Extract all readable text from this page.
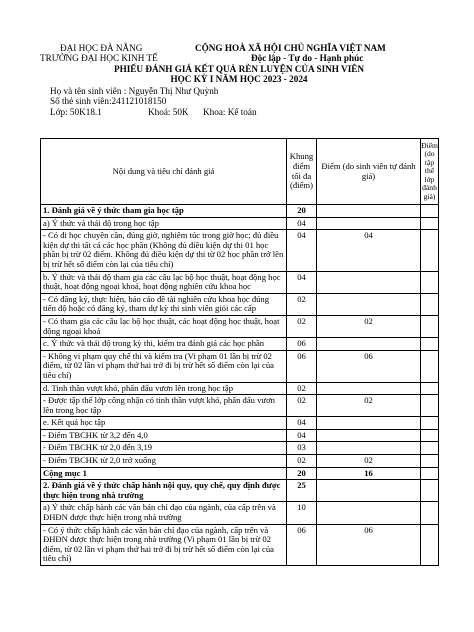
ĐẠI HỌC ĐÀ NẴNG
TRƯỜNG ĐẠI HỌC KINH TẾ
CỘNG HOÀ XÃ HỘI CHỦ NGHĨA VIỆT NAM
Độc lập - Tự do - Hạnh phúc
PHIẾU ĐÁNH GIÁ KẾT QUẢ RÈN LUYỆN CỦA SINH VIÊN
HỌC KỲ I NĂM HỌC 2023 - 2024
Họ và tên sinh viên : Nguyễn Thị Như Quỳnh
Số thẻ sinh viên:241121018150
Lớp: 50K18.1	Khoá: 50K Khoa: Kế toán
Nội dung và tiêu chí đánh giá	Khung điểm tối đa (điểm)	Điểm (do sinh viên tự đánh giá)	Điểm (do tập thể lớp đánh giá)
1. Đánh giá về ý thức tham gia học tập	20		
a) Ý thức và thái độ trong học tập	04		
- Có đi học chuyên cần, đúng giờ, nghiêm túc trong giờ học; đủ điều kiện dự thi tất cả các học phần (Không đủ điều kiện dự thi 01 học phần bị trừ 02 điểm. Không đủ điều kiện dự thi từ 02 học phần trở lên bị trừ hết số điểm còn lại của tiêu chí)	04	04	
b. Ý thức và thái độ tham gia các câu lạc bộ học thuật, hoạt động học thuật, hoạt động ngoại khoá, hoạt động nghiên cứu khoa học	04		
- Có đăng ký, thực hiện, báo cáo đề tài nghiên cứu khoa học đúng tiến độ hoặc có đăng ký, tham dự kỳ thi sinh viên giỏi các cấp	02		
- Có tham gia các câu lạc bộ học thuật, các hoạt động học thuật, hoạt động ngoại khoá	02	02	
c. Ý thức và thái độ trong kỳ thi, kiểm tra đánh giá các học phần	06		
- Không vi phạm quy chế thi và kiểm tra (Vi phạm 01 lần bị trừ 02 điểm, từ 02 lần vi phạm thứ hai trở đi bị trừ hết số điểm còn lại của tiêu chí)	06	06	
d. Tinh thần vượt khó, phấn đấu vươn lên trong học tập	02		
- Được tập thể lớp công nhận có tinh thần vượt khó, phấn đấu vươn lên trong học tập	02	02	
e. Kết quả học tập	04		
- Điểm TBCHK từ 3,2 đến 4,0	04		
- Điểm TBCHK từ 2,0 đến 3,19	03		
- Điểm TBCHK từ 2,0 trở xuống	02	02	
Cộng mục 1	20	16	
2. Đánh giá về ý thức chấp hành nội quy, quy chế, quy định được thực hiện trong nhà trường	25		
a) Ý thức chấp hành các văn bản chỉ đạo của ngành, của cấp trên và ĐHĐN được thực hiện trong nhà trường	10		
- Có ý thức chấp hành các văn bản chỉ đạo của ngành, cấp trên và ĐHĐN được thực hiện trong nhà trường (Vi phạm 01 lần bị trừ 02 điểm, từ 02 lần vi phạm thứ hai trở đi bị trừ hết số điểm còn lại của tiêu chí)	06	06	
